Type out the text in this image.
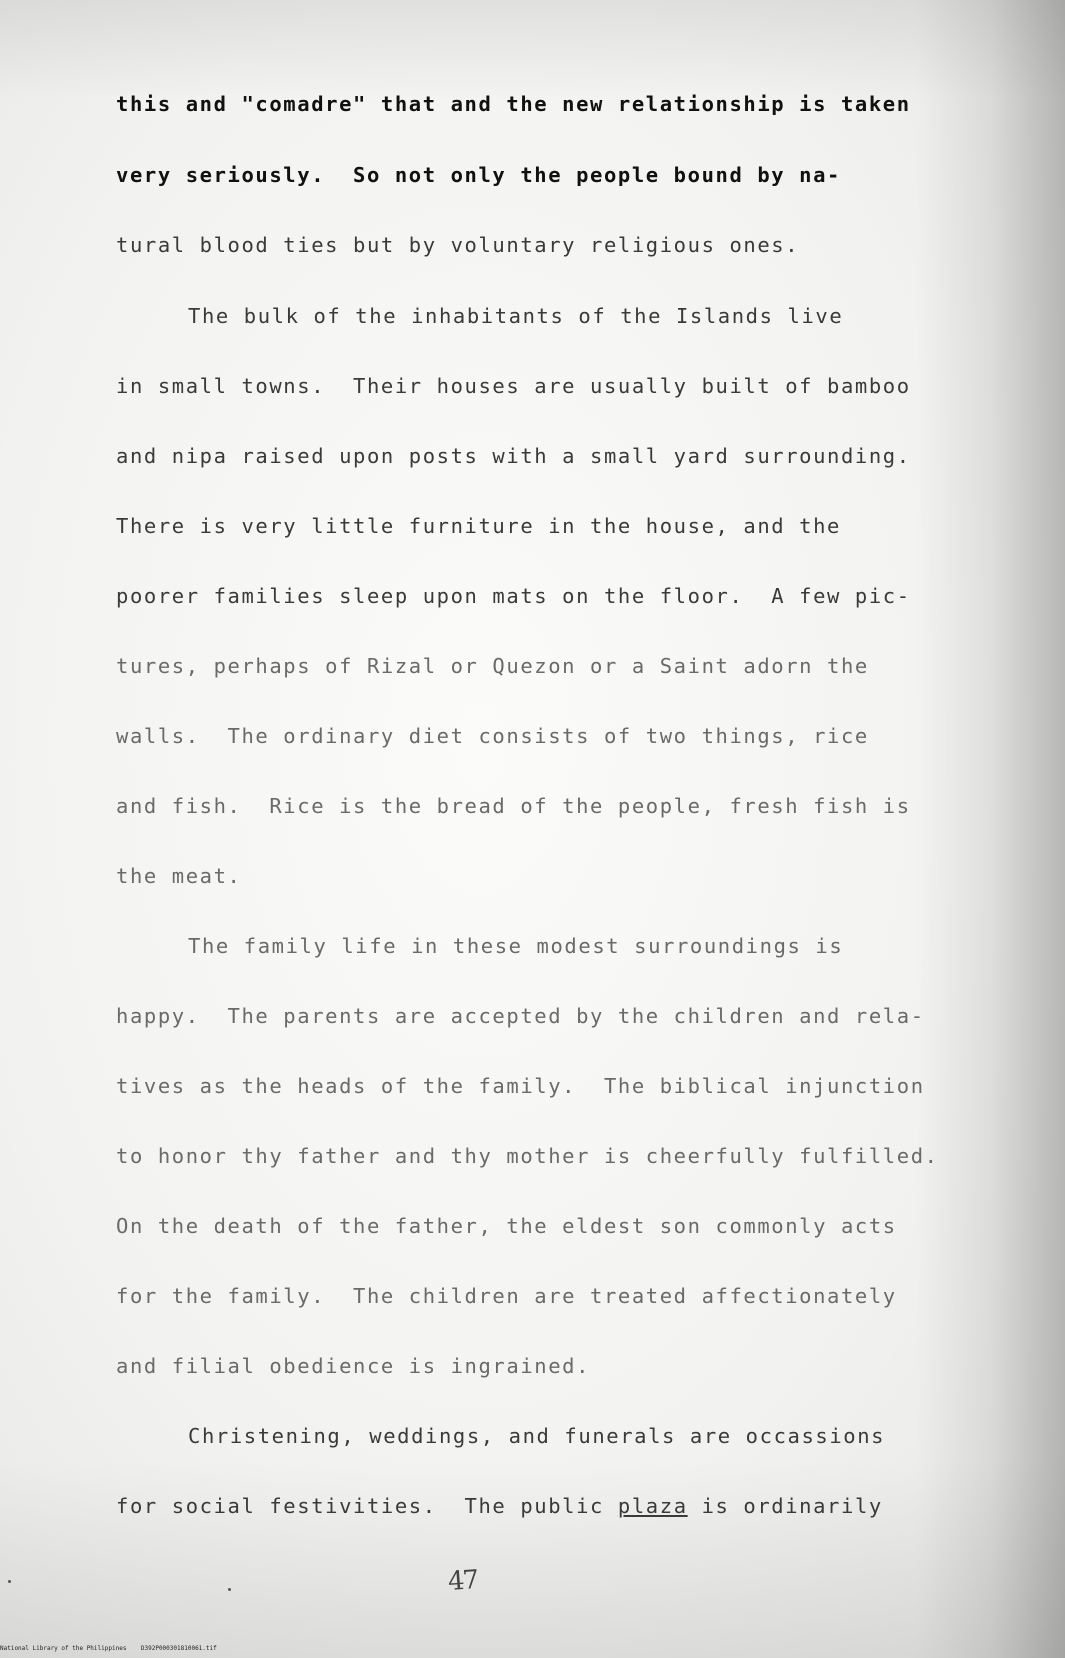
this and "comadre" that and the new relationship is taken
very seriously.  So not only the people bound by na-
tural blood ties but by voluntary religious ones.
The bulk of the inhabitants of the Islands live
in small towns.  Their houses are usually built of bamboo
and nipa raised upon posts with a small yard surrounding.
There is very little furniture in the house, and the
poorer families sleep upon mats on the floor.  A few pic-
tures, perhaps of Rizal or Quezon or a Saint adorn the
walls.  The ordinary diet consists of two things, rice
and fish.  Rice is the bread of the people, fresh fish is
the meat.
The family life in these modest surroundings is
happy.  The parents are accepted by the children and rela-
tives as the heads of the family.  The biblical injunction
to honor thy father and thy mother is cheerfully fulfilled.
On the death of the father, the eldest son commonly acts
for the family.  The children are treated affectionately
and filial obedience is ingrained.
Christening, weddings, and funerals are occassions
for social festivities.  The public plaza is ordinarily
47
National Library of the Philippines    D392P000301810061.tif
